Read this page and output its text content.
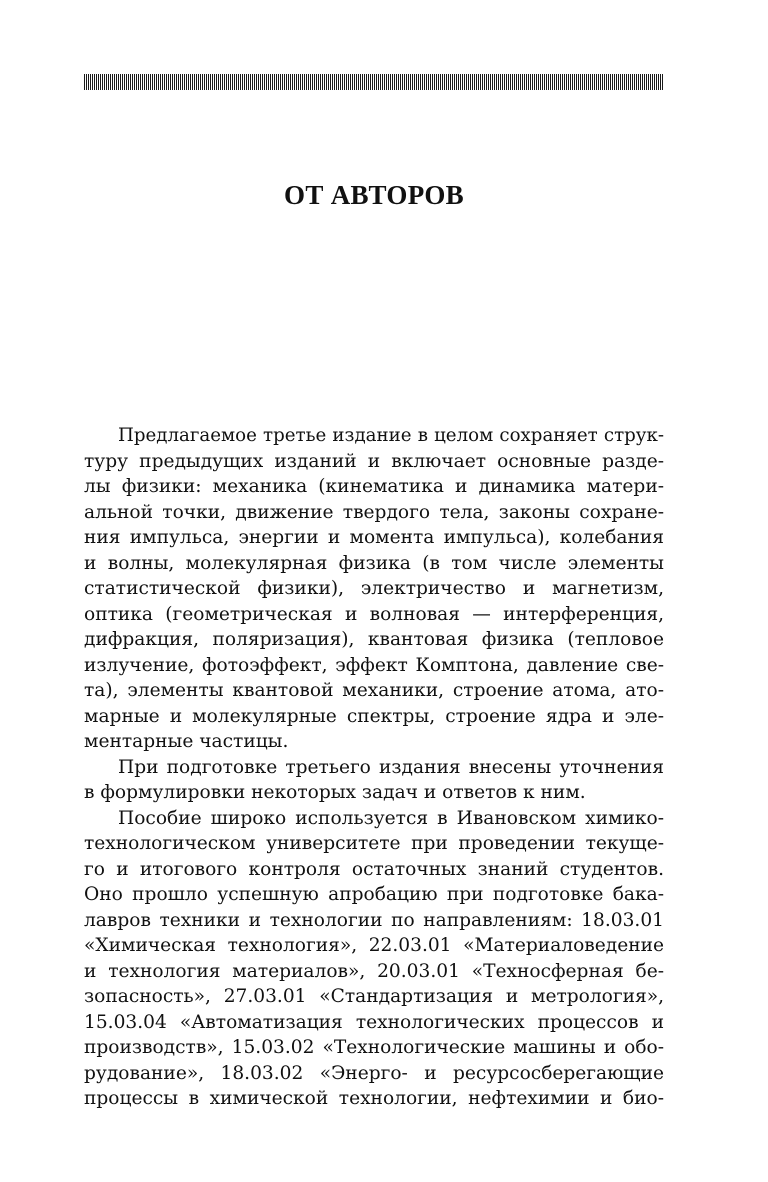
ОТ АВТОРОВ
Предлагаемое третье издание в целом сохраняет струк-
туру предыдущих изданий и включает основные разде-
лы физики: механика (кинематика и динамика матери-
альной точки, движение твердого тела, законы сохране-
ния импульса, энергии и момента импульса), колебания
и волны, молекулярная физика (в том числе элементы
статистической физики), электричество и магнетизм,
оптика (геометрическая и волновая — интерференция,
дифракция, поляризация), квантовая физика (тепловое
излучение, фотоэффект, эффект Комптона, давление све-
та), элементы квантовой механики, строение атома, ато-
марные и молекулярные спектры, строение ядра и эле-
ментарные частицы.
При подготовке третьего издания внесены уточнения
в формулировки некоторых задач и ответов к ним.
Пособие широко используется в Ивановском химико-
технологическом университете при проведении текуще-
го и итогового контроля остаточных знаний студентов.
Оно прошло успешную апробацию при подготовке бака-
лавров техники и технологии по направлениям: 18.03.01
«Химическая технология», 22.03.01 «Материаловедение
и технология материалов», 20.03.01 «Техносферная бе-
зопасность», 27.03.01 «Стандартизация и метрология»,
15.03.04 «Автоматизация технологических процессов и
производств», 15.03.02 «Технологические машины и обо-
рудование», 18.03.02 «Энерго- и ресурсосберегающие
процессы в химической технологии, нефтехимии и био-
